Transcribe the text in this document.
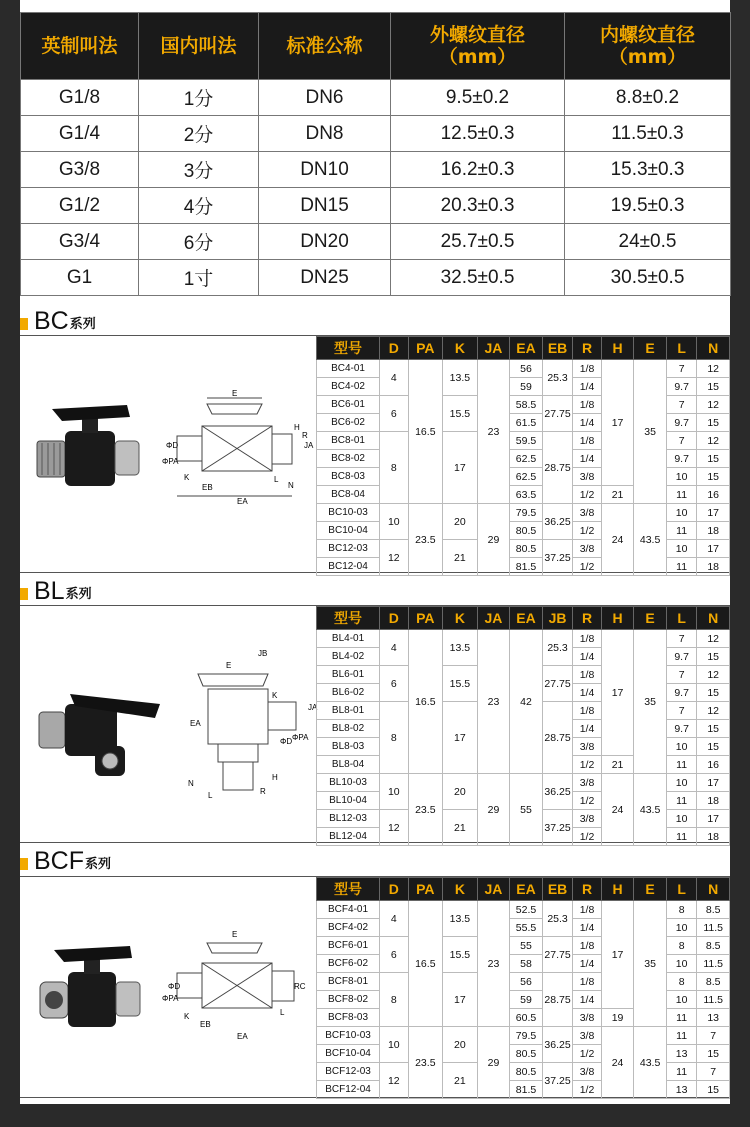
英制叫法	国内叫法	标准公称	外螺纹直径
（mm）	内螺纹直径
（mm）
G1/8	1分	DN6	9.5±0.2	8.8±0.2
G1/4	2分	DN8	12.5±0.3	11.5±0.3
G3/8	3分	DN10	16.2±0.3	15.3±0.3
G1/2	4分	DN15	20.3±0.3	19.5±0.3
G3/4	6分	DN20	25.7±0.5	24±0.5
G1	1寸	DN25	32.5±0.5	30.5±0.5
BC 系列
E
H
R
JA
ΦD
ΦPA
K
EB
EA
L
N
型号	D	PA	K	JA	EA	EB	R	H	E	L	N
BC4-01	4	16.5	13.5	23	56	25.3	1/8	17	35	7	12
BC4-02					59		1/4			9.7	15
BC6-01	6		15.5		58.5	27.75	1/8			7	12
BC6-02					61.5		1/4			9.7	15
BC8-01	8		17		59.5	28.75	1/8			7	12
BC8-02					62.5		1/4			9.7	15
BC8-03					62.5		3/8			10	15
BC8-04					63.5		1/2	21		11	16
BC10-03	10	23.5	20	29	79.5	36.25	3/8	24	43.5	10	17
BC10-04					80.5		1/2			11	18
BC12-03	12		21		80.5	37.25	3/8			10	17
BC12-04					81.5		1/2			11	18
BL 系列
E
JB
K
ΦPA
ΦD
JA
EA
N
L
H
R
型号	D	PA	K	JA	EA	JB	R	H	E	L	N
BL4-01	4	16.5	13.5	23	42	25.3	1/8	17	35	7	12
BL4-02							1/4			9.7	15
BL6-01	6		15.5			27.75	1/8			7	12
BL6-02							1/4			9.7	15
BL8-01	8		17			28.75	1/8			7	12
BL8-02							1/4			9.7	15
BL8-03							3/8			10	15
BL8-04							1/2	21		11	16
BL10-03	10	23.5	20	29	55	36.25	3/8	24	43.5	10	17
BL10-04							1/2			11	18
BL12-03	12		21			37.25	3/8			10	17
BL12-04							1/2			11	18
BCF 系列
E
ΦPA
ΦD	RC
L
K
EB
EA
型号	D	PA	K	JA	EA	EB	R	H	E	L	N
BCF4-01	4	16.5	13.5	23	52.5	25.3	1/8	17	35	8	8.5
BCF4-02					55.5		1/4			10	11.5
BCF6-01	6		15.5		55	27.75	1/8			8	8.5
BCF6-02					58		1/4			10	11.5
BCF8-01	8		17		56	28.75	1/8			8	8.5
BCF8-02					59		1/4			10	11.5
BCF8-03					60.5		3/8	19		11	13
BCF10-03	10	23.5	20	29	79.5	36.25	3/8	24	43.5	11	7
BCF10-04					80.5		1/2			13	15
BCF12-03	12		21		80.5	37.25	3/8			11	7
BCF12-04					81.5		1/2			13	15
